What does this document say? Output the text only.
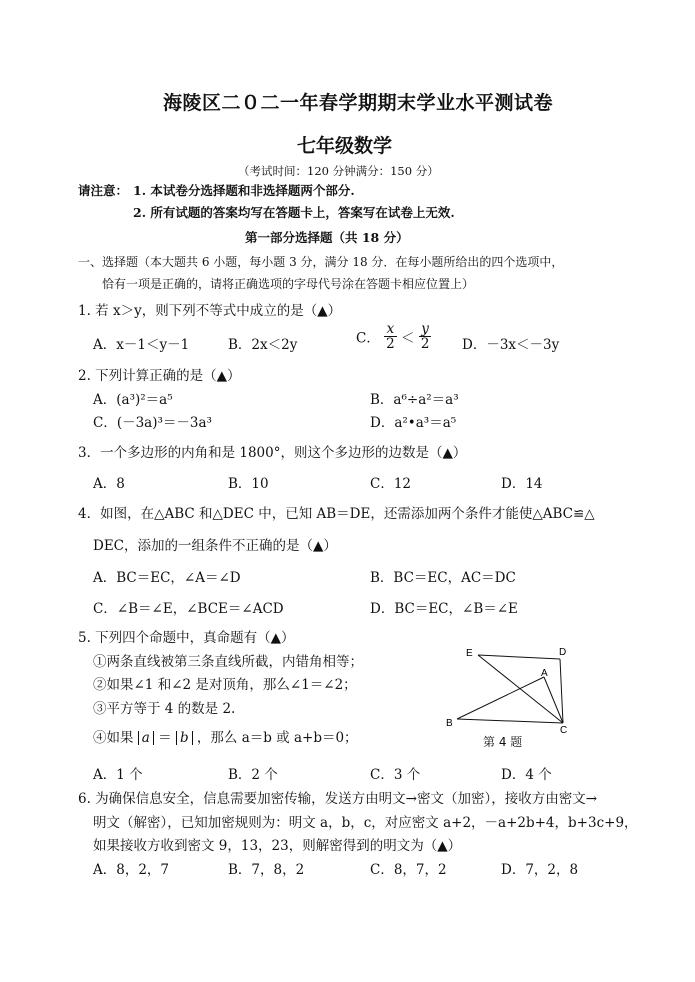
海陵区二０二一年春学期期末学业水平测试卷
七年级数学
（考试时间：120 分钟满分：150 分）
请注意： 1. 本试卷分选择题和非选择题两个部分.
2. 所有试题的答案均写在答题卡上，答案写在试卷上无效.
第一部分选择题（共 18 分）
一、选择题（本大题共 6 小题，每小题 3 分，满分 18 分．在每小题所给出的四个选项中，
恰有一项是正确的，请将正确选项的字母代号涂在答题卡相应位置上）
1. 若 x＞y，则下列不等式中成立的是（▲）
A．x－1＜y－1	B．2x＜2y	C． $\frac{x}{2} < \frac{y}{2}$ D．－3x＜－3y
2. 下列计算正确的是（▲）
A．(a³)²＝a⁵	B．a⁶÷a²＝a³
C．(－3a)³＝－3a³	D．a²•a³＝a⁵
3．一个多边形的内角和是 1800°，则这个多边形的边数是（▲）
A．8	B．10	C．12	D．14
4．如图，在△ABC 和△DEC 中，已知 AB＝DE，还需添加两个条件才能使△ABC≌△
DEC，添加的一组条件不正确的是（▲）
A．BC＝EC，∠A＝∠D	B．BC＝EC，AC＝DC
C．∠B＝∠E，∠BCE＝∠ACD	D．BC＝EC，∠B＝∠E
5. 下列四个命题中，真命题有（▲）
①两条直线被第三条直线所截，内错角相等；
②如果∠1 和∠2 是对顶角，那么∠1＝∠2；
③平方等于 4 的数是 2.
④如果 a ＝ b ，那么 a＝b 或 a+b＝0；
A．1 个	B．2 个	C．3 个	D．4 个
E	D
A
B
C
第 4 题
6. 为确保信息安全，信息需要加密传输，发送方由明文→密文（加密），接收方由密文→
明文（解密），已知加密规则为：明文 a，b，c，对应密文 a+2，－a+2b+4，b+3c+9，
如果接收方收到密文 9，13，23，则解密得到的明文为（▲）
A．8，2，7	B．7，8，2	C．8，7，2	D．7，2，8
